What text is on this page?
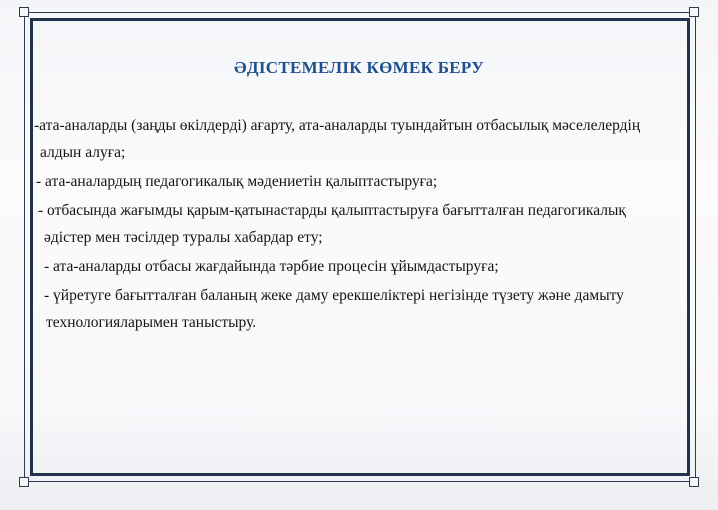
ӘДІСТЕМЕЛІК КӨМЕК БЕРУ
-ата-аналарды (заңды өкілдерді) ағарту, ата-аналарды туындайтын отбасылық мәселелердің
алдын алуға;
- ата-аналардың педагогикалық мәдениетін қалыптастыруға;
- отбасында жағымды қарым-қатынастарды қалыптастыруға бағытталған педагогикалық
әдістер мен тәсілдер туралы хабардар ету;
- ата-аналарды отбасы жағдайында тәрбие процесін ұйымдастыруға;
- үйретуге бағытталған баланың жеке даму ерекшеліктері негізінде түзету және дамыту
технологияларымен таныстыру.
